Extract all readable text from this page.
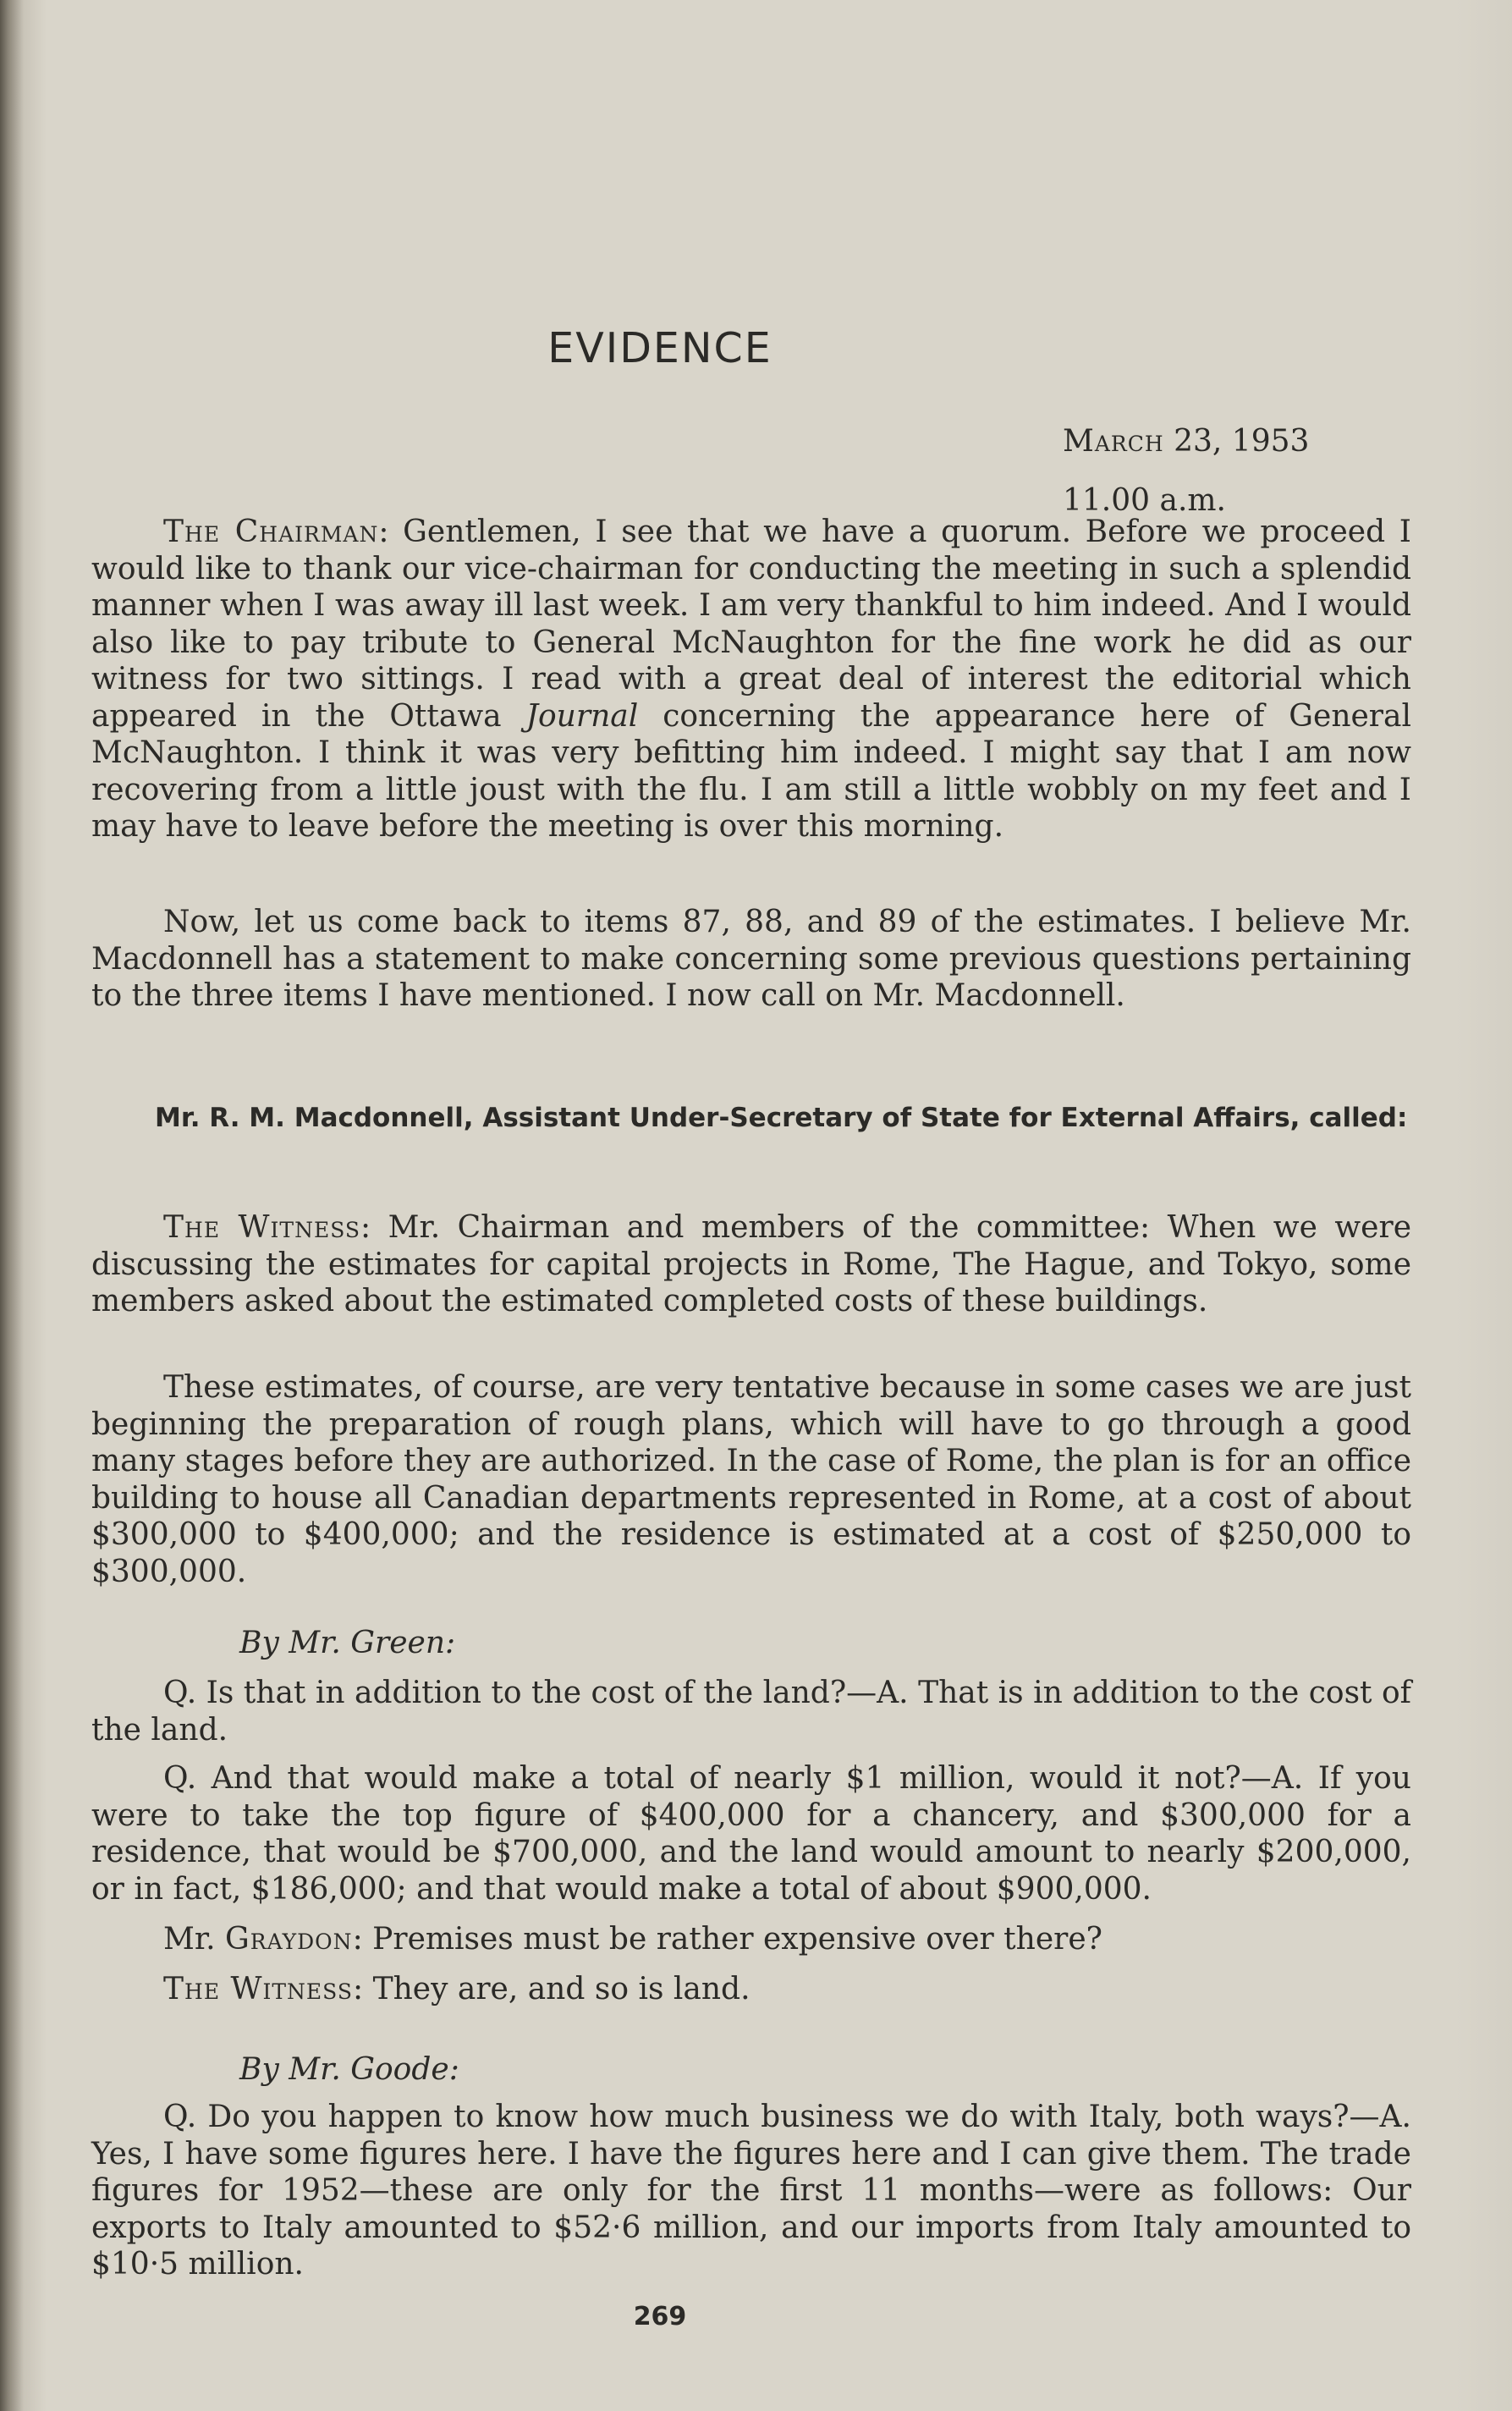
EVIDENCE
March 23, 1953
11.00 a.m.
The Chairman: Gentlemen, I see that we have a quorum. Before we proceed I would like to thank our vice-chairman for conducting the meeting in such a splendid manner when I was away ill last week. I am very thankful to him indeed. And I would also like to pay tribute to General McNaughton for the fine work he did as our witness for two sittings. I read with a great deal of interest the editorial which appeared in the Ottawa Journal concerning the appearance here of General McNaughton. I think it was very befitting him indeed. I might say that I am now recovering from a little joust with the flu. I am still a little wobbly on my feet and I may have to leave before the meeting is over this morning.
Now, let us come back to items 87, 88, and 89 of the estimates. I believe Mr. Macdonnell has a statement to make concerning some previous questions pertaining to the three items I have mentioned. I now call on Mr. Macdonnell.
Mr. R. M. Macdonnell, Assistant Under-Secretary of State for External Affairs, called:
The Witness: Mr. Chairman and members of the committee: When we were discussing the estimates for capital projects in Rome, The Hague, and Tokyo, some members asked about the estimated completed costs of these buildings.
These estimates, of course, are very tentative because in some cases we are just beginning the preparation of rough plans, which will have to go through a good many stages before they are authorized. In the case of Rome, the plan is for an office building to house all Canadian departments represented in Rome, at a cost of about $300,000 to $400,000; and the residence is estimated at a cost of $250,000 to $300,000.
By Mr. Green:
Q. Is that in addition to the cost of the land?—A. That is in addition to the cost of the land.
Q. And that would make a total of nearly $1 million, would it not?—A. If you were to take the top figure of $400,000 for a chancery, and $300,000 for a residence, that would be $700,000, and the land would amount to nearly $200,000, or in fact, $186,000; and that would make a total of about $900,000.
Mr. Graydon: Premises must be rather expensive over there?
The Witness: They are, and so is land.
By Mr. Goode:
Q. Do you happen to know how much business we do with Italy, both ways?—A. Yes, I have some figures here. I have the figures here and I can give them. The trade figures for 1952—these are only for the first 11 months—were as follows: Our exports to Italy amounted to $52·6 million, and our imports from Italy amounted to $10·5 million.
269
